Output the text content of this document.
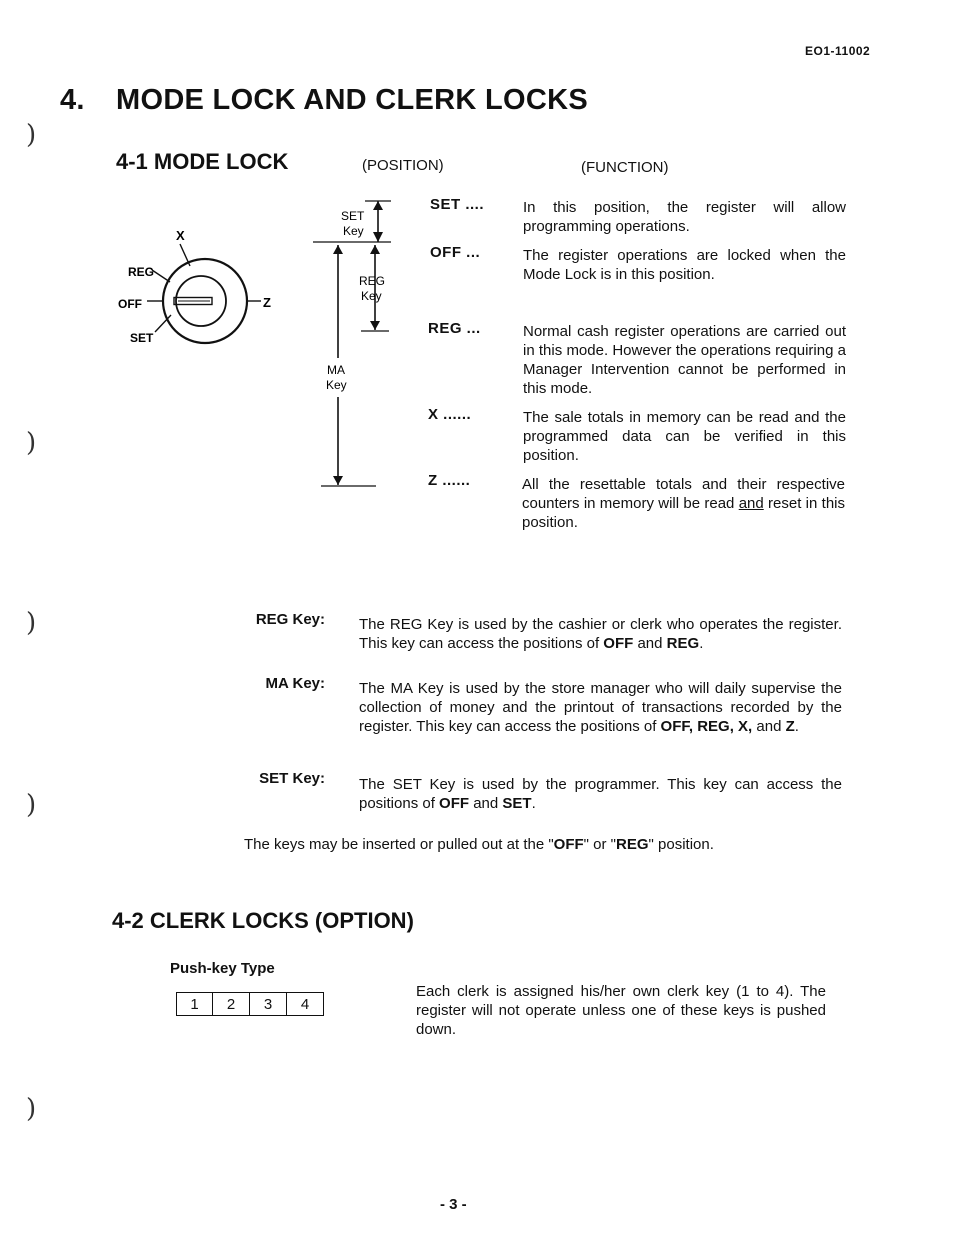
EO1-11002
4. MODE LOCK AND CLERK LOCKS
)
)
)
)
)
4-1 MODE LOCK	(POSITION)	(FUNCTION)
X
REG
OFF
SET
Z
SET
Key
REG
Key
MA
Key
SET ....	In this position, the register will allow programming operations.
OFF ...	The register operations are locked when the Mode Lock is in this position.
REG ...	Normal cash register operations are carried out in this mode. However the operations requiring a Manager Intervention cannot be performed in this mode.
X ......	The sale totals in memory can be read and the programmed data can be verified in this position.
Z ......	All the resettable totals and their respective counters in memory will be read and reset in this position.
REG Key: The REG Key is used by the cashier or clerk who operates the register. This key can access the positions of OFF and REG.
MA Key: The MA Key is used by the store manager who will daily supervise the collection of money and the printout of transactions recorded by the register. This key can access the positions of OFF, REG, X, and Z.
SET Key: The SET Key is used by the programmer. This key can access the positions of OFF and SET.
The keys may be inserted or pulled out at the "OFF" or "REG" position.
4-2 CLERK LOCKS (OPTION)
Push-key Type
1	2	3	4
Each clerk is assigned his/her own clerk key (1 to 4). The register will not operate unless one of these keys is pushed down.
- 3 -
